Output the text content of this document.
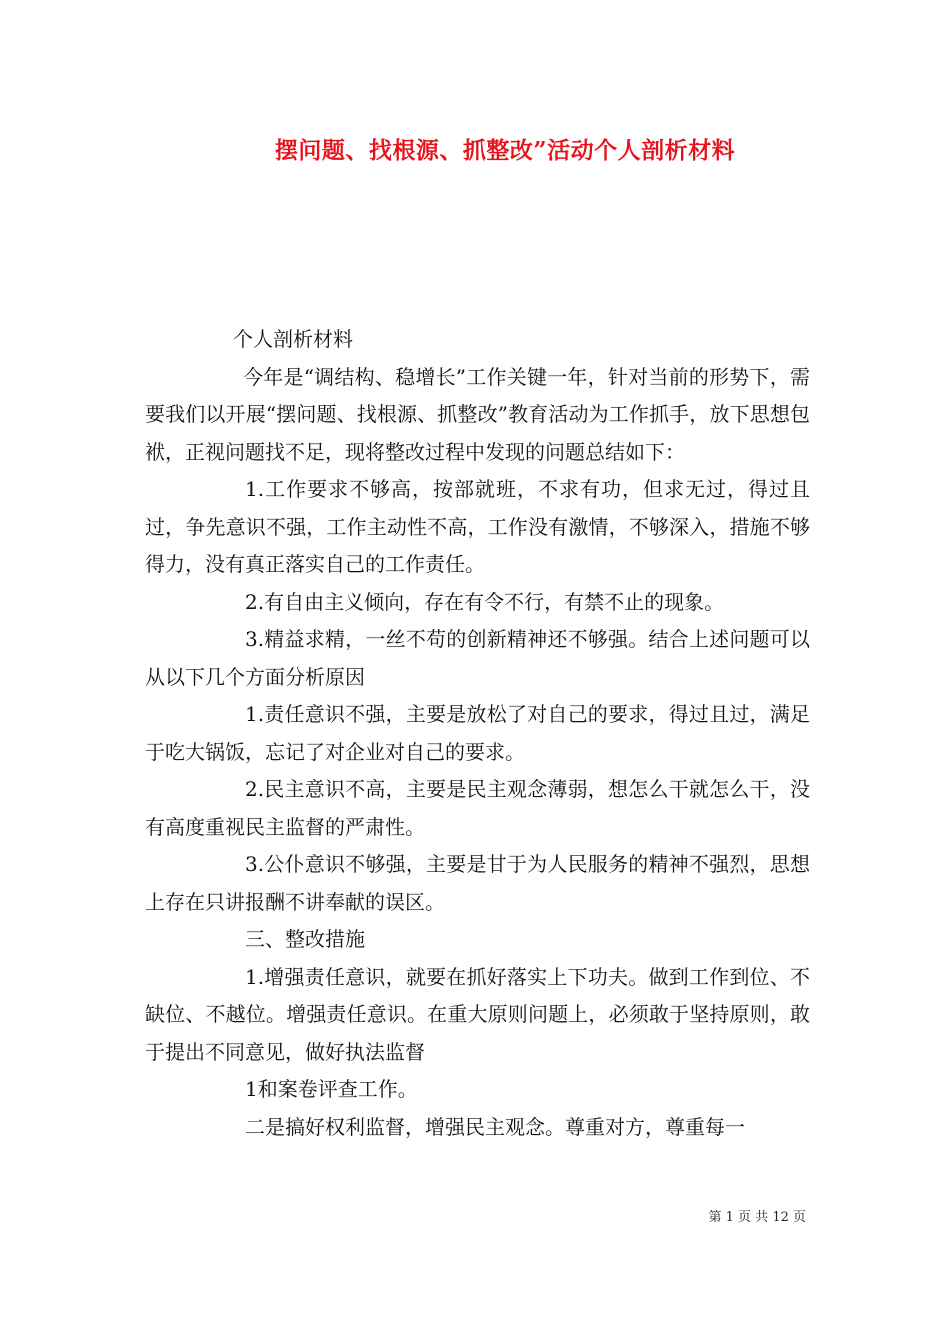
摆问题、找根源、抓整改”活动个人剖析材料

个人剖析材料

今年是“调结构、稳增长”工作关键一年，针对当前的形势下，需要我们以开展“摆问题、找根源、抓整改”教育活动为工作抓手，放下思想包袱，正视问题找不足，现将整改过程中发现的问题总结如下：

1.工作要求不够高，按部就班，不求有功，但求无过，得过且过，争先意识不强，工作主动性不高，工作没有激情，不够深入，措施不够得力，没有真正落实自己的工作责任。

2.有自由主义倾向，存在有令不行，有禁不止的现象。

3.精益求精，一丝不苟的创新精神还不够强。结合上述问题可以从以下几个方面分析原因

1.责任意识不强，主要是放松了对自己的要求，得过且过，满足于吃大锅饭，忘记了对企业对自己的要求。

2.民主意识不高，主要是民主观念薄弱，想怎么干就怎么干，没有高度重视民主监督的严肃性。

3.公仆意识不够强，主要是甘于为人民服务的精神不强烈，思想上存在只讲报酬不讲奉献的误区。

三、整改措施

1.增强责任意识，就要在抓好落实上下功夫。做到工作到位、不缺位、不越位。增强责任意识。在重大原则问题上，必须敢于坚持原则，敢于提出不同意见，做好执法监督

1和案卷评查工作。

二是搞好权利监督，增强民主观念。尊重对方，尊重每一

第 1 页 共 12 页
